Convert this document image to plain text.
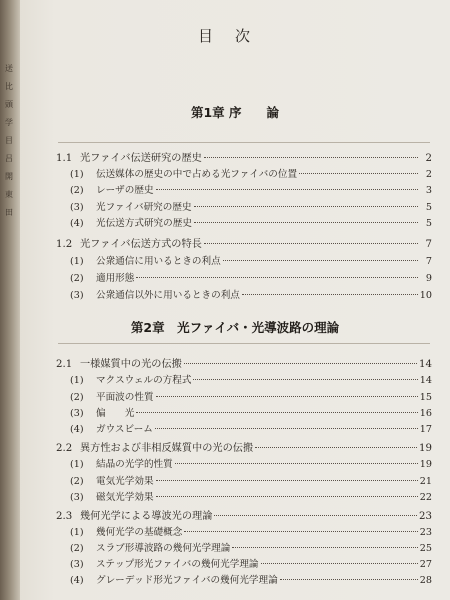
送
比
頭
学
目
吕
開
東
田
目次
第1章 序　　論
1.1 光ファイバ伝送研究の歴史	2
(1)	伝送媒体の歴史の中で占める光ファイバの位置	2
(2)	レーザの歴史	3
(3)	光ファイバ研究の歴史	5
(4)	光伝送方式研究の歴史	5
1.2 光ファイバ伝送方式の特長	7
(1)	公衆通信に用いるときの利点	7
(2)	適用形態	9
(3)	公衆通信以外に用いるときの利点	10
第2章　光ファイバ・光導波路の理論
2.1 一様媒質中の光の伝搬	14
(1)	マクスウェルの方程式	14
(2)	平面波の性質	15
(3)	偏　　光	16
(4)	ガウスビーム	17
2.2 異方性および非相反媒質中の光の伝搬	19
(1)	結晶の光学的性質	19
(2)	電気光学効果	21
(3)	磁気光学効果	22
2.3 幾何光学による導波光の理論	23
(1)	幾何光学の基礎概念	23
(2)	スラブ形導波路の幾何光学理論	25
(3)	ステップ形光ファイバの幾何光学理論	27
(4)	グレーデッド形光ファイバの幾何光学理論	28
